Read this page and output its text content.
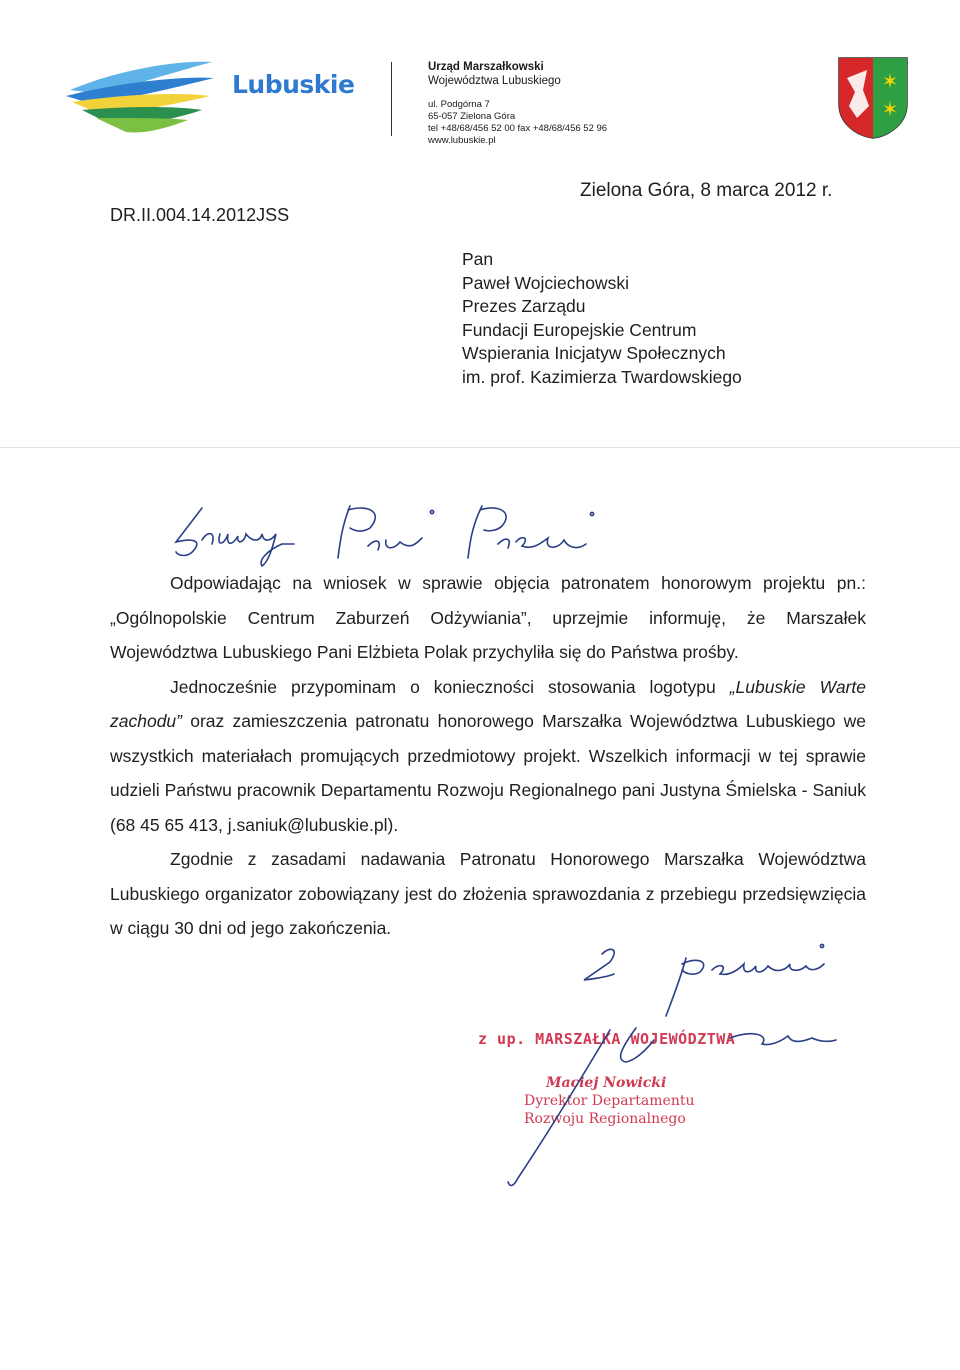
Lubuskie
Urząd Marszałkowski
Województwa Lubuskiego
ul. Podgórna 7
65-057 Zielona Góra
tel +48/68/456 52 00 fax +48/68/456 52 96
www.lubuskie.pl
✶
✶
DR.II.004.14.2012JSS
Zielona Góra, 8 marca 2012 r.
Pan
Paweł Wojciechowski
Prezes Zarządu
Fundacji Europejskie Centrum
Wspierania Inicjatyw Społecznych
im. prof. Kazimierza Twardowskiego

Odpowiadając na wniosek w sprawie objęcia patronatem honorowym projektu pn.: „Ogólnopolskie Centrum Zaburzeń Odżywiania”, uprzejmie informuję, że Marszałek Województwa Lubuskiego Pani Elżbieta Polak przychyliła się do Państwa prośby.

Jednocześnie przypominam o konieczności stosowania logotypu „Lubuskie Warte zachodu” oraz zamieszczenia patronatu honorowego Marszałka Województwa Lubuskiego we wszystkich materiałach promujących przedmiotowy projekt. Wszelkich informacji w tej sprawie udzieli Państwu pracownik Departamentu Rozwoju Regionalnego pani Justyna Śmielska - Saniuk (68 45 65 413, j.saniuk@lubuskie.pl).

Zgodnie z zasadami nadawania Patronatu Honorowego Marszałka Województwa Lubuskiego organizator zobowiązany jest do złożenia sprawozdania z przebiegu przedsięwzięcia w ciągu 30 dni od jego zakończenia.

z up. MARSZAŁKA WOJEWÓDZTWA
Maciej Nowicki
Dyrektor Departamentu
Rozwoju Regionalnego
